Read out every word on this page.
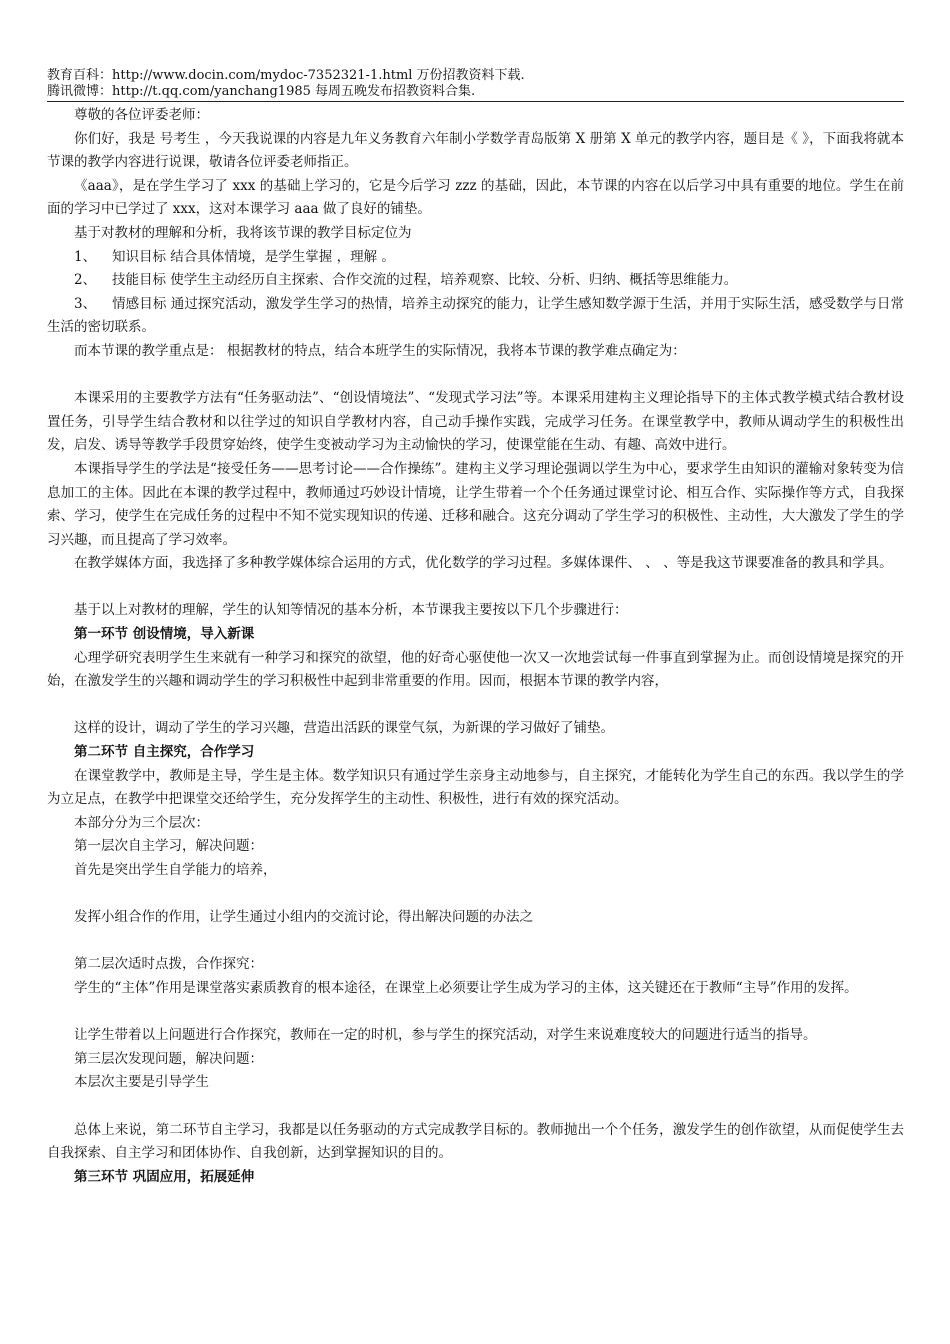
教育百科：http://www.docin.com/mydoc-7352321-1.html 万份招教资料下载.
腾讯微博：http://t.qq.com/yanchang1985 每周五晚发布招教资料合集.

尊敬的各位评委老师：

你们好，我是 号考生 ，今天我说课的内容是九年义务教育六年制小学数学青岛版第 X 册第 X 单元的教学内容，题目是《 》，下面我将就本节课的教学内容进行说课，敬请各位评委老师指正。

《aaa》，是在学生学习了 xxx 的基础上学习的，它是今后学习 zzz 的基础，因此，本节课的内容在以后学习中具有重要的地位。学生在前面的学习中已学过了 xxx，这对本课学习 aaa 做了良好的铺垫。

基于对教材的理解和分析，我将该节课的教学目标定位为

1、	知识目标 结合具体情境，是学生掌握 ，理解 。
2、	技能目标 使学生主动经历自主探索、合作交流的过程，培养观察、比较、分析、归纳、概括等思维能力。

3、 情感目标 通过探究活动，激发学生学习的热情，培养主动探究的能力，让学生感知数学源于生活，并用于实际生活，感受数学与日常生活的密切联系。

而本节课的教学重点是： 根据教材的特点，结合本班学生的实际情况，我将本节课的教学难点确定为：

本课采用的主要教学方法有“任务驱动法”、“创设情境法”、“发现式学习法”等。本课采用建构主义理论指导下的主体式教学模式结合教材设置任务，引导学生结合教材和以往学过的知识自学教材内容，自己动手操作实践，完成学习任务。在课堂教学中，教师从调动学生的积极性出发，启发、诱导等教学手段贯穿始终，使学生变被动学习为主动愉快的学习，使课堂能在生动、有趣、高效中进行。

本课指导学生的学法是“接受任务——思考讨论——合作操练”。建构主义学习理论强调以学生为中心，要求学生由知识的灌输对象转变为信息加工的主体。因此在本课的教学过程中，教师通过巧妙设计情境，让学生带着一个个任务通过课堂讨论、相互合作、实际操作等方式，自我探索、学习，使学生在完成任务的过程中不知不觉实现知识的传递、迁移和融合。这充分调动了学生学习的积极性、主动性，大大激发了学生的学习兴趣，而且提高了学习效率。

在教学媒体方面，我选择了多种教学媒体综合运用的方式，优化数学的学习过程。多媒体课件、 、 、等是我这节课要准备的教具和学具。

基于以上对教材的理解，学生的认知等情况的基本分析，本节课我主要按以下几个步骤进行：

第一环节 创设情境，导入新课

心理学研究表明学生生来就有一种学习和探究的欲望，他的好奇心驱使他一次又一次地尝试每一件事直到掌握为止。而创设情境是探究的开始，在激发学生的兴趣和调动学生的学习积极性中起到非常重要的作用。因而，根据本节课的教学内容，

这样的设计，调动了学生的学习兴趣，营造出活跃的课堂气氛，为新课的学习做好了铺垫。

第二环节 自主探究，合作学习

在课堂教学中，教师是主导，学生是主体。数学知识只有通过学生亲身主动地参与，自主探究，才能转化为学生自己的东西。我以学生的学为立足点，在教学中把课堂交还给学生，充分发挥学生的主动性、积极性，进行有效的探究活动。

本部分分为三个层次：

第一层次自主学习，解决问题：

首先是突出学生自学能力的培养，

发挥小组合作的作用，让学生通过小组内的交流讨论，得出解决问题的办法之

第二层次适时点拨，合作探究：

学生的“主体”作用是课堂落实素质教育的根本途径，在课堂上必须要让学生成为学习的主体，这关键还在于教师“主导”作用的发挥。

让学生带着以上问题进行合作探究，教师在一定的时机，参与学生的探究活动，对学生来说难度较大的问题进行适当的指导。

第三层次发现问题，解决问题：

本层次主要是引导学生

总体上来说，第二环节自主学习，我都是以任务驱动的方式完成教学目标的。教师抛出一个个任务，激发学生的创作欲望，从而促使学生去自我探索、自主学习和团体协作、自我创新，达到掌握知识的目的。

第三环节 巩固应用，拓展延伸
